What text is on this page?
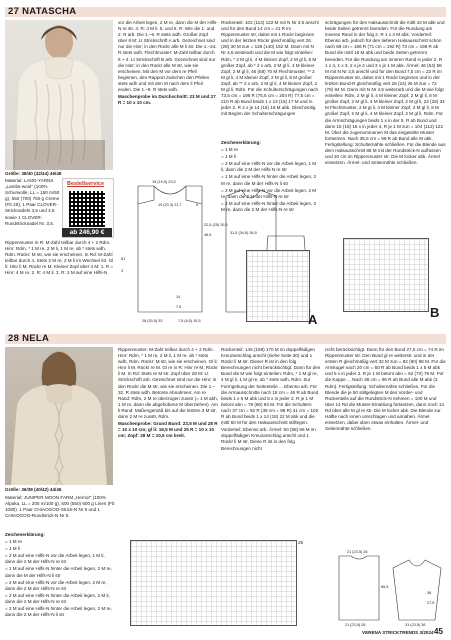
27 NATASCHA
Größe: 38/40 (42/44) 46/48

Material: LANG-YARNS „Lambs-wool" (100% Schurwolle, LL = 150 m/50 g), 650 (700) 750 g Creme (Fb 26); 1 Paar CLOVER-Stricknadeln 3,5 und 4,5 sowie 1 CLOVER-Rundstricknadel Nr. 3,5.

Bestellservice
ab 246,90 €

Rippenmuster in R: M-Zahl teilbar durch 4 + 2 Rdm. Hinr: Rdm, * 1 M re, 2 M li, 1 M re, ab * stets wdh, Rdm. Rückr: M str, wie sie erscheinen. In Rd: M-Zahl teilbar durch 4. Stets 2 M re, 2 M li im Wechsel str. Gl li: Hinr li M, Rückr re M. Kleiner Zopf über 4 M: 1. R = Hinr: 4 M re. 2. R: 4 M li. 3. R: 2 M auf eine Hilfs-N

vor die Arbeit legen, 2 M re, dann die M der Hilfs-N re str. 4. R: 4 M li. 5. und 6. R: Wie die 1. und 2. R arb. Die 1.–6. R stets wdh. Großer Zopf über 8 M: Lt Strickschrift A arb. Gezeichnet sind nur die Hinr; in den Rückr alle M li str. Die 1.–24. R stets wdh. Flechtmuster: M-Zahl teilbar durch 6 + 4. Lt Strickschrift B arb. Gezeichnet sind nur die Hinr; in den Rückr alle M str, wie sie erscheinen. Mit den M vor dem re Pfeil beginnen, den Rapport zwischen den Pfeilen stets wdh und mit den M nach dem li Pfeil enden. Die 1.–8. R stets wdh.

Maschenprobe im Durchschnitt: 23 M und 27 R = 10 x 10 cm.

16 (19,5) 23,5
19 (20,3) 21,7	5
22,5 (25) 26,5
48,5
81
3
14
7,5
7,5 (8,5) 15,5
28 (30,5) 33
31,5 (34,5) 36,5

Rückenteil: 102 (114) 122 M mit N Nr 3,5 anschl und für den Bund 14 cm = 41 R im Rippenmuster str, dabei mit 1 Rückr beginnen und in der letzten Rückr gleichmäßig vert 26 (28) 30 M zun = 128 (140) 152 M. Dann mit N Nr 4,5 weiterarb und die M wie folgt einteilen: Rdm, * 2 M gl li, 4 M kleiner Zopf, 2 M gl li, 8 M großer Zopf, ab * 2 x arb, 2 M gl li, 4 M kleiner Zopf, 2 M gl li, 46 (58) 70 M Flechtmuster, ** 2 M gl li, 4 M kleiner Zopf, 2 M gl li, 8 M großer Zopf, ab ** 2 x arb, 2 M gl li, 4 M kleiner Zopf, 2 M gl li, Rdm. Für die Schulterschrägungen nach 73,5 cm = 198 R (75,5 cm = 204 R) 77,5 cm = 210 R ab Bund beids 1 x 13 (15) 17 M und in jeder 2. R 2 x je 14 (16) 18 M abk. Gleichzeitig mit Beginn der Schulterschrägungen

Zeichenerklärung:

= 1 M re

= 1 M li

= 2 M auf eine Hilfs-N vor die Arbeit legen, 1 M li, dann die 2 M der Hilfs-N re str

= 1 M auf eine Hilfs-N hinter die Arbeit legen, 2 M re, dann die M der Hilfs-N li str

= 2 M auf eine Hilfs-N vor die Arbeit legen, 2 M re, dann die 2 M der Hilfs-N re str

= 2 M auf eine Hilfs-N hinter die Arbeit legen, 2 M re, dann die 2 M der Hilfs-N re str

A

schrägungen für den Halsausschnitt die mittl 42 M abk und beide Seiten getrennt beenden. Für die Rundung am inneren Rand in der folg 2. R 1 x 2 M abk. Vorderteil: Ebenso arb, jedoch für den tieferen Halsausschnitt schon nach 69 cm = 186 R (71 cm = 192 R) 73 cm = 198 R ab Bund die mittl 18 M abk und beide Seiten getrennt beenden. Für die Rundung am inneren Rand in jeder 2. R 1 x 4, 1 x 3, 2 x je 2 und 3 x je 1 M abk. Ärmel: 46 (54) 58 M mit N Nr 3,5 anschl und für den Bund 7,5 cm = 23 R im Rippenmuster str, dabei mit 1 Rückr beginnen und in der letzten Bund-R gleichmäßig vert 26 (24) 26 M zun = 72 (78) 84 M. Dann mit N Nr 4,5 weiterarb und die M wie folgt einteilen: Rdm, 2 M gl li, 4 M kleiner Zopf, 2 M gl li, 8 M großer Zopf, 2 M gl li, 4 M kleiner Zopf, 2 M gl li, 22 (28) 34 M Flechtmuster, 2 M gl li, 4 M kleiner Zopf, 2 M gl li, 8 M großer Zopf, 2 M gl li, 4 M kleiner Zopf, 2 M gl li, Rdm. Für die Armschrägungen beids 1 x in der 5. R ab Bund und dann 15 (18) 18 x in jeder 4. R je 1 M zun = 104 (112) 122 M. Über die zugenommenen M das eingeteilte Muster fortsetzen. Nach 35,5 cm = 96 R ab Bund alle M abk. Fertigstellung: Schulternähte schließen. Für die Blende aus dem Halsausschnitt 88 M mit der Rundstrick-N auffassen und 20 cm im Rippenmuster str. Die M locker abk. Ärmel einsetzen. Ärmel- und Seitennähte schließen.

B
28 NELA
Größe: 36/38 (40/42) 44/46

Material: JUNIPER MOON FARM „Herriot" (100% Alpaka, LL = 200 m/100 g), 500 (550) 600 g Linen (Fb 1080). 1 Paar CHIAOGOO-Strick-N Nr 5 und 1 CHIAOGOO-Rundstrick-N Nr 5.

Zeichenerklärung:

= 1 M re

= 1 M li

= 2 M auf eine Hilfs-N vor die Arbeit legen, 1 M li, dann die 2 M der Hilfs-N re str

= 1 M auf eine Hilfs-N hinter die Arbeit legen, 2 M re, dann die M der Hilfs-N li str

= 2 M auf eine Hilfs-N vor die Arbeit legen, 2 M re, dann die 2 M der Hilfs-N re str

= 2 M auf eine Hilfs-N hinter die Arbeit legen, 2 M li, dann die 2 M der Hilfs-N re str

= 2 M auf eine Hilfs-N hinter die Arbeit legen, 2 M re, dann die 2 M der Hilfs-N li str

Rippenmuster: M-Zahl teilbar durch 4 + 2 Rdm. Hinr: Rdm, * 1 M re, 2 M li, 1 M re, ab * stets wdh, Rdm. Rückr: M str, wie sie erscheinen. Gl li: Hinr li M, Rückr re M. Gl re in R: Hinr re M, Rückr li M. In Rd: Stets re M str. Zopf über 28 M: Lt Strickschrift arb. Gezeichnet sind nur die Hinr; in den Rückr die M str, wie sie erscheinen. Die 1.–32. R stets wdh. Betonte Abnahmen: Am re Rand: Rdm, 2 M re überzogen zusstr (= 1 M abh, 1 M re, dann die abgehobene M überziehen). Am li Rand: Maßengemäß bis auf die letzten 3 M str, dann 2 M re zusstr, Rdm.

Maschenprobe: Grund Bund: 23,5 M und 28 R = 10 x 10 cm; gl li: 19,5 M und 25 R = 10 x 10 cm; Zopf: 28 M = 10,5 cm breit.

Rückenteil: 146 (158) 170 M im doppelfädigen Kreuzanschlag anschl (siehe Seite 30) und 1 Rückr li M str. Dieser R ist in den folg Berechnungen nicht berücksichtigt. Dann für den Bund die M wie folgt einteilen: Rdm, * 1 M gl re, 4 M gl li, 1 M gl re, ab * stets wdh, Rdm. Zur Formgebung der Seitenteile ... Ebenso arb. Für die Armausschnitte nach 18 cm = 46 R ab Bund beids 1 x 5 M abk und 5 x in jeder 2. R je 1 M betont abn = 78 (86) 94 M. Für die Schultern nach 37 cm = 92 R (39 cm = 98 R) 41 cm = 102 R ab Bund beids 1 x 14 (18) 22 M abk und die mittl 50 M für den Halsausschnitt stilllegen.

Vorderteil: Ebenso arb. Ärmel: 50 (58) 66 M im doppelfädigen Kreuzanschlag anschl und 1 Rückr li M str. Diese R ist in den folg Berechnungen nicht

nicht berücksichtigt. Dann für den Bund 27,5 cm = 74 R im Rippenmuster str. Den Bund gl re weiterstr. und in der ersten R gleichmäßig vert 32 M zun = 82 (90) 98 M. Für die Armkugel nach 20 cm = 50 R ab Bund beids 1 x 5 M abk und 5 x in jeder 2. R je 1 M betont abn = 62 (70) 78 M. Für die Kappe ... Nach 38 cm = 96 R ab Bund alle M abk (3 Rdm). Fertigstellung: Schulternähte schließen. Für die Blende die je 50 stillgelegten M des Vorder- und Rückenteils auf die Rundstrick-N nehmen = 100 M und über 14 Rd die Muster-Einteilung fortsetzen, dann noch 14 Rd über alle M gl re str. Die M locker abk. Die Blende zur Hälfte nach innen umschlagen und annähen. Ärmel einsetzen, dabei oben etwas einhalten. Ärmel- und Seitennähte schließen.

28
21 (23,5) 26
66,5
21 (23,5) 26
38
27,5
31 (23,5) 36
VERENA STRICKTRENDS 3/2024 45
